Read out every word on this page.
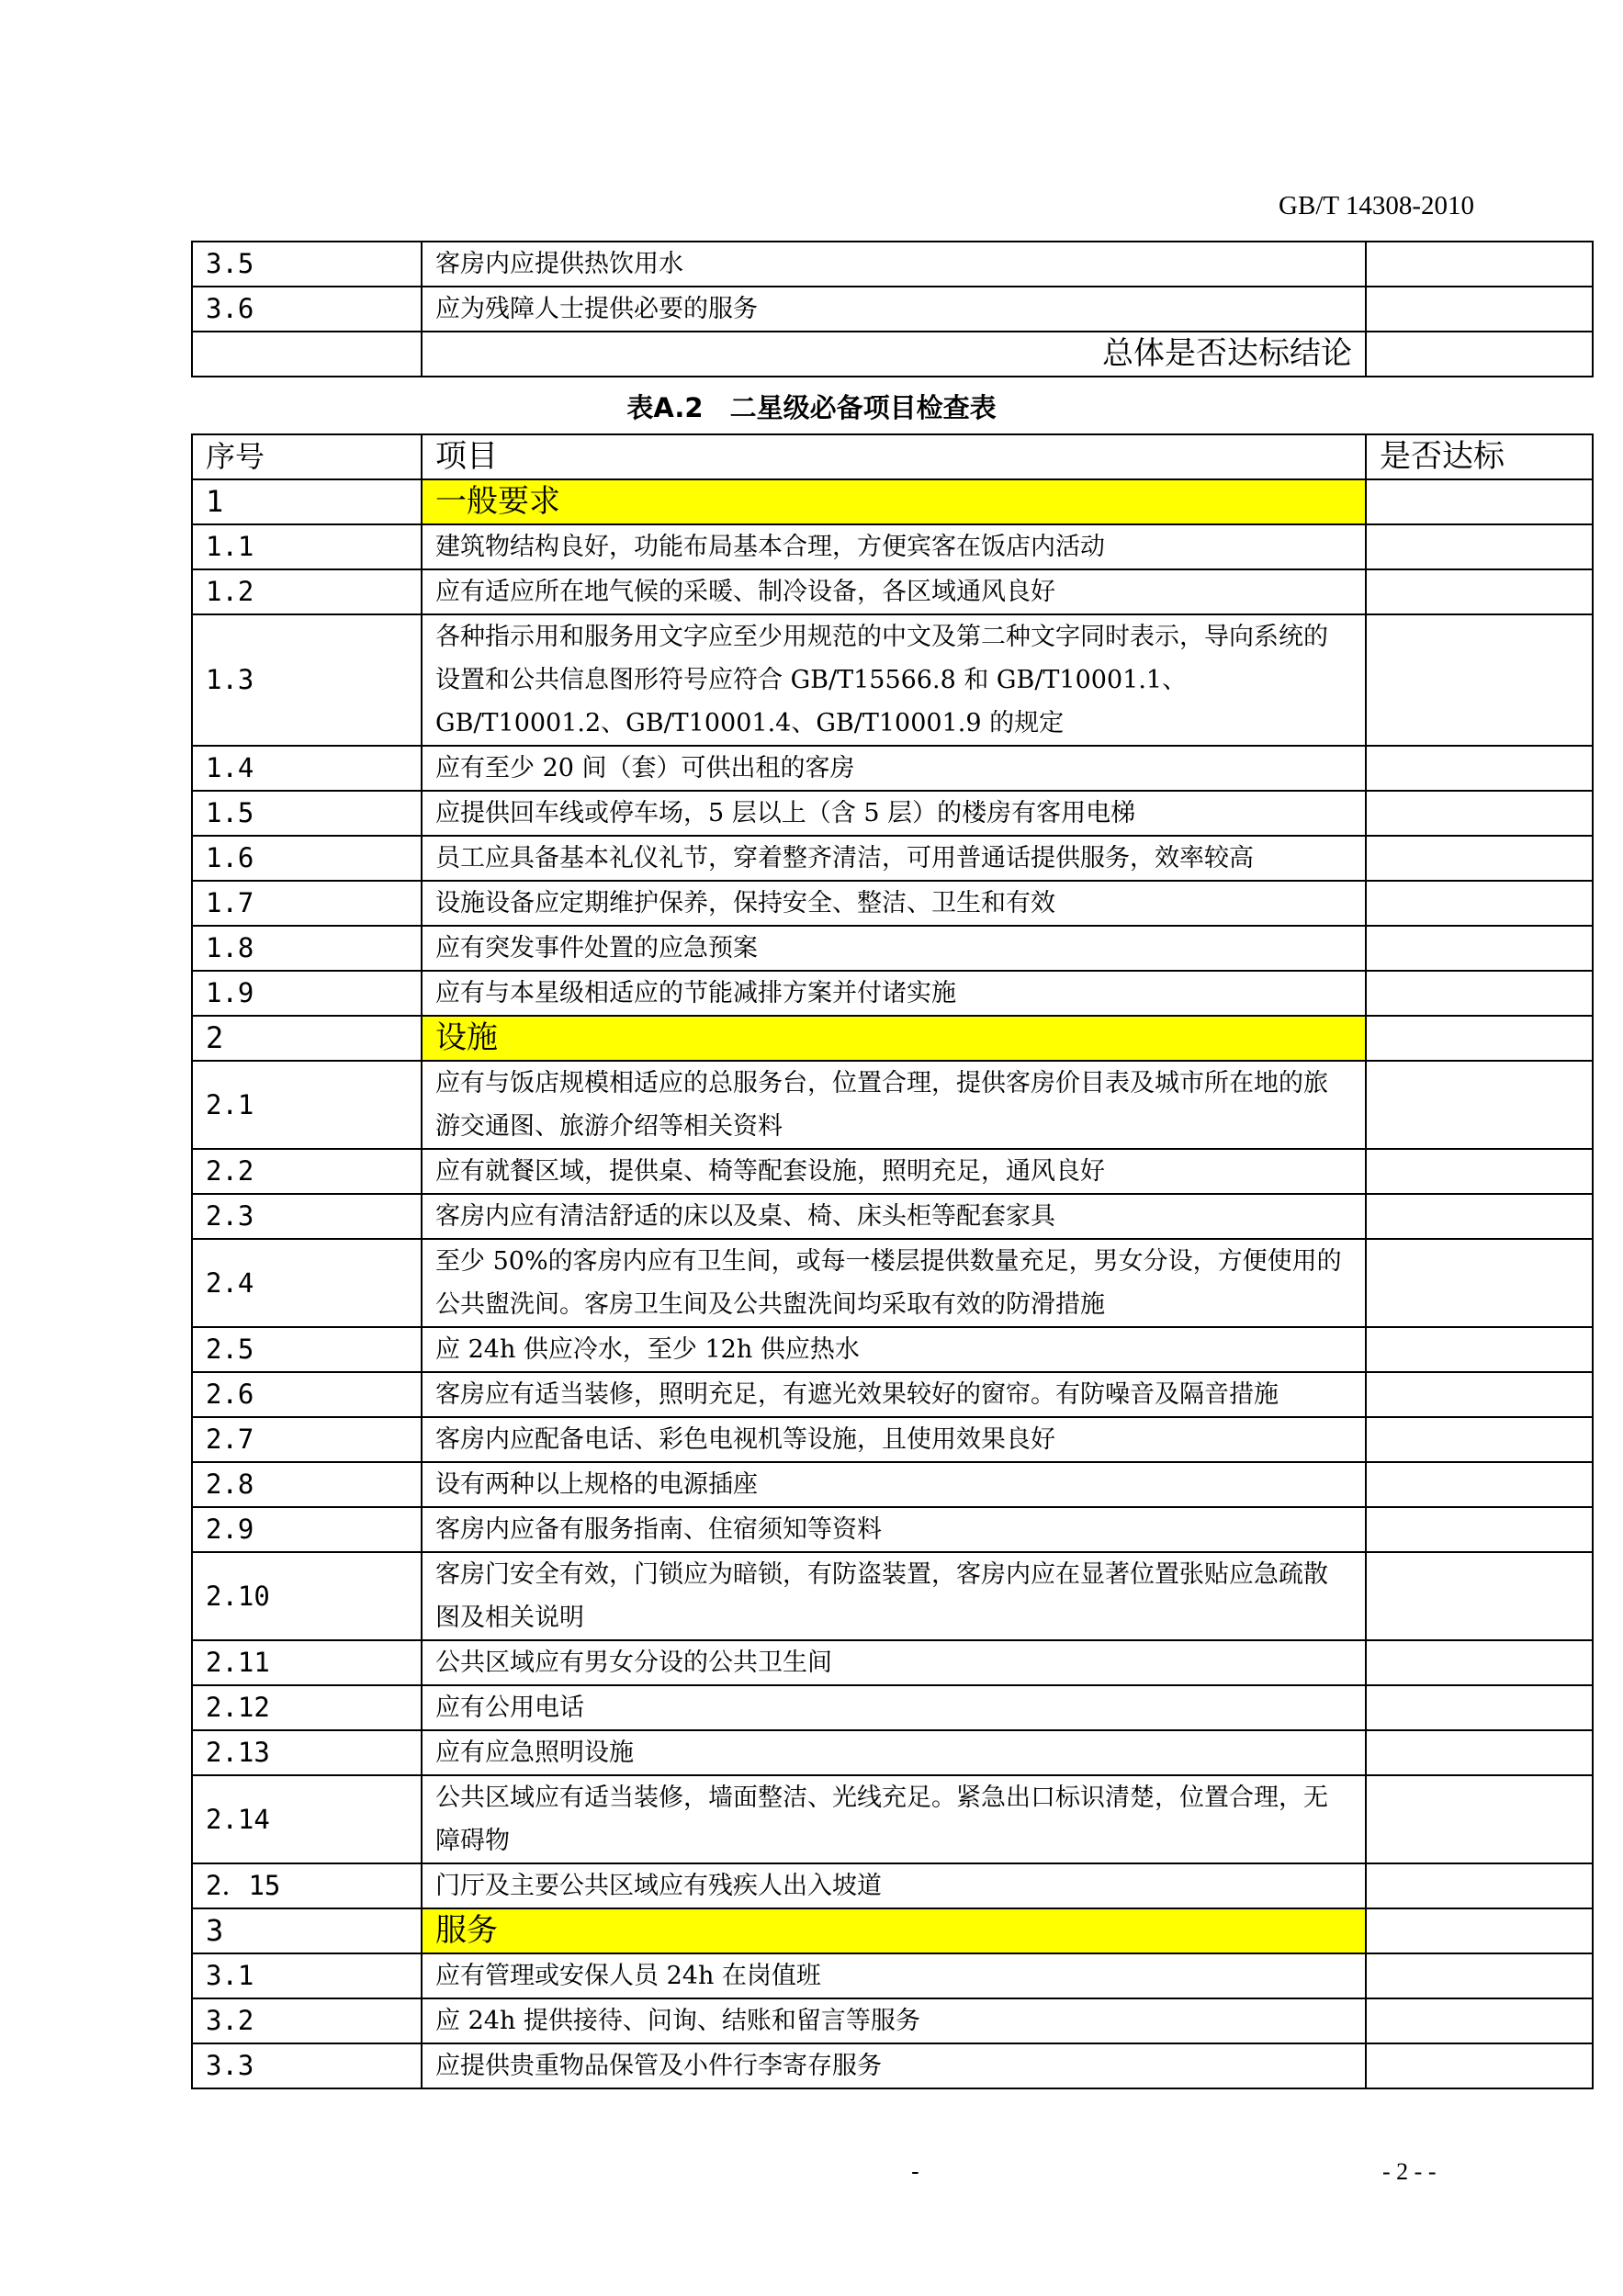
GB/T 14308-2010
3.5	客房内应提供热饮用水	
3.6	应为残障人士提供必要的服务	
	总体是否达标结论	
表A.2　二星级必备项目检查表
序号	项目	是否达标
1	一般要求	
1.1	建筑物结构良好，功能布局基本合理，方便宾客在饭店内活动	
1.2	应有适应所在地气候的采暖、制冷设备，各区域通风良好	
1.3	各种指示用和服务用文字应至少用规范的中文及第二种文字同时表示，导向系统的设置和公共信息图形符号应符合 GB/T15566.8 和 GB/T10001.1、GB/T10001.2、GB/T10001.4、GB/T10001.9 的规定	
1.4	应有至少 20 间（套）可供出租的客房	
1.5	应提供回车线或停车场，5 层以上（含 5 层）的楼房有客用电梯	
1.6	员工应具备基本礼仪礼节，穿着整齐清洁，可用普通话提供服务，效率较高	
1.7	设施设备应定期维护保养，保持安全、整洁、卫生和有效	
1.8	应有突发事件处置的应急预案	
1.9	应有与本星级相适应的节能减排方案并付诸实施	
2	设施	
2.1	应有与饭店规模相适应的总服务台，位置合理，提供客房价目表及城市所在地的旅游交通图、旅游介绍等相关资料	
2.2	应有就餐区域，提供桌、椅等配套设施，照明充足，通风良好	
2.3	客房内应有清洁舒适的床以及桌、椅、床头柜等配套家具	
2.4	至少 50%的客房内应有卫生间，或每一楼层提供数量充足，男女分设，方便使用的公共盥洗间。客房卫生间及公共盥洗间均采取有效的防滑措施	
2.5	应 24h 供应冷水，至少 12h 供应热水	
2.6	客房应有适当装修，照明充足，有遮光效果较好的窗帘。有防噪音及隔音措施	
2.7	客房内应配备电话、彩色电视机等设施，且使用效果良好	
2.8	设有两种以上规格的电源插座	
2.9	客房内应备有服务指南、住宿须知等资料	
2.10	客房门安全有效，门锁应为暗锁，有防盗装置，客房内应在显著位置张贴应急疏散图及相关说明	
2.11	公共区域应有男女分设的公共卫生间	
2.12	应有公用电话	
2.13	应有应急照明设施	
2.14	公共区域应有适当装修，墙面整洁、光线充足。紧急出口标识清楚，位置合理，无障碍物	
2．15	门厅及主要公共区域应有残疾人出入坡道	
3	服务	
3.1	应有管理或安保人员 24h 在岗值班	
3.2	应 24h 提供接待、问询、结账和留言等服务	
3.3	应提供贵重物品保管及小件行李寄存服务	
-	- 2 - -
